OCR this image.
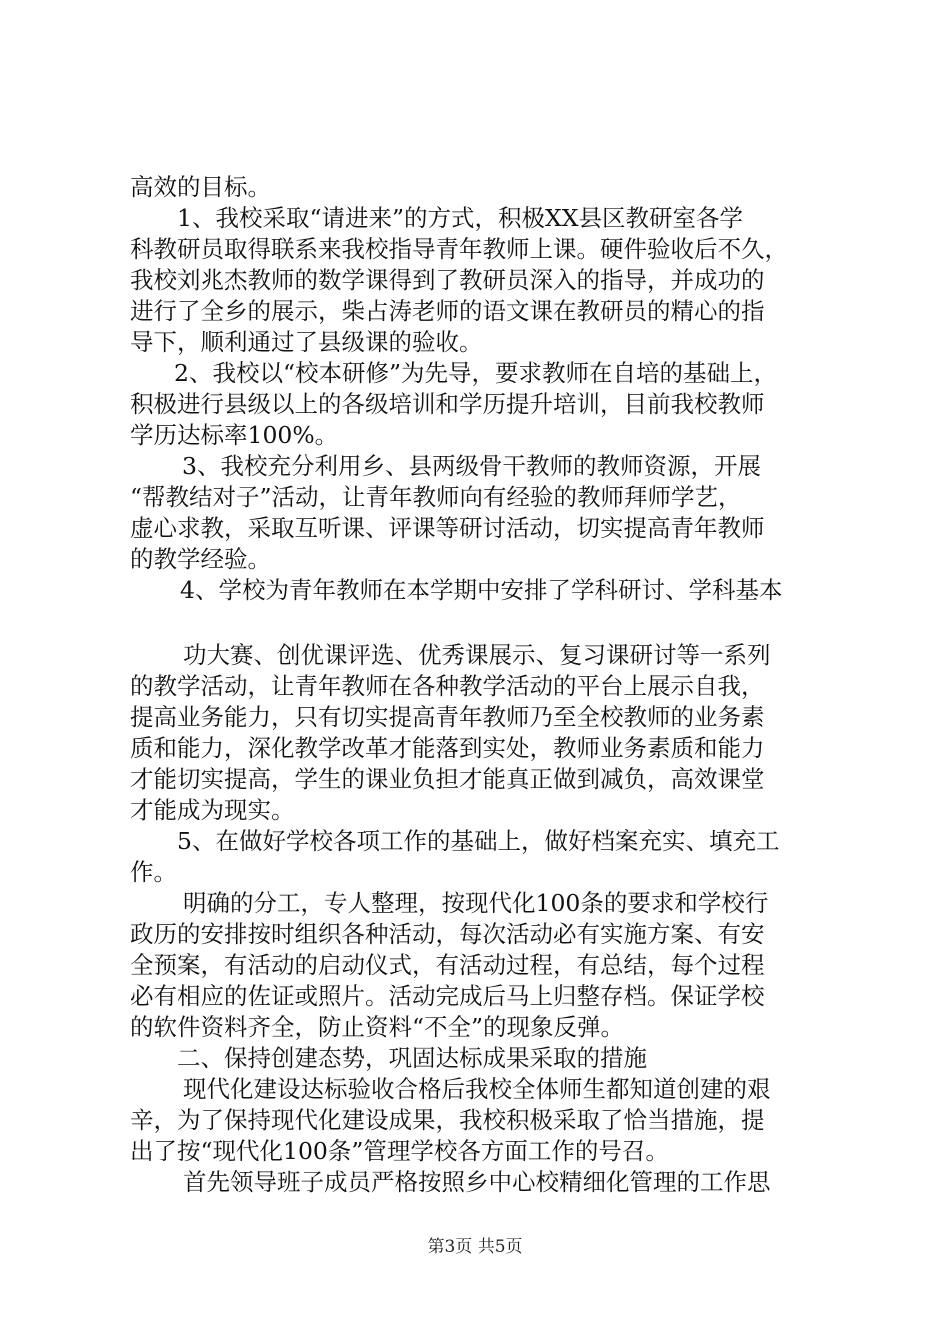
高效的目标。
1、我校采取“请进来”的方式，积极XX县区教研室各学
科教研员取得联系来我校指导青年教师上课。硬件验收后不久，
我校刘兆杰教师的数学课得到了教研员深入的指导，并成功的
进行了全乡的展示，柴占涛老师的语文课在教研员的精心的指
导下，顺利通过了县级课的验收。
2、我校以“校本研修”为先导，要求教师在自培的基础上，
积极进行县级以上的各级培训和学历提升培训，目前我校教师
学历达标率100%。
3、我校充分利用乡、县两级骨干教师的教师资源，开展
“帮教结对子”活动，让青年教师向有经验的教师拜师学艺，
虚心求教，采取互听课、评课等研讨活动，切实提高青年教师
的教学经验。
4、学校为青年教师在本学期中安排了学科研讨、学科基本
功大赛、创优课评选、优秀课展示、复习课研讨等一系列
的教学活动，让青年教师在各种教学活动的平台上展示自我，
提高业务能力，只有切实提高青年教师乃至全校教师的业务素
质和能力，深化教学改革才能落到实处，教师业务素质和能力
才能切实提高，学生的课业负担才能真正做到减负，高效课堂
才能成为现实。
5、在做好学校各项工作的基础上，做好档案充实、填充工
作。
明确的分工，专人整理，按现代化100条的要求和学校行
政历的安排按时组织各种活动，每次活动必有实施方案、有安
全预案，有活动的启动仪式，有活动过程，有总结，每个过程
必有相应的佐证或照片。活动完成后马上归整存档。保证学校
的软件资料齐全，防止资料“不全”的现象反弹。
二、保持创建态势，巩固达标成果采取的措施
现代化建设达标验收合格后我校全体师生都知道创建的艰
辛，为了保持现代化建设成果，我校积极采取了恰当措施，提
出了按“现代化100条”管理学校各方面工作的号召。
首先领导班子成员严格按照乡中心校精细化管理的工作思
第3页 共5页
